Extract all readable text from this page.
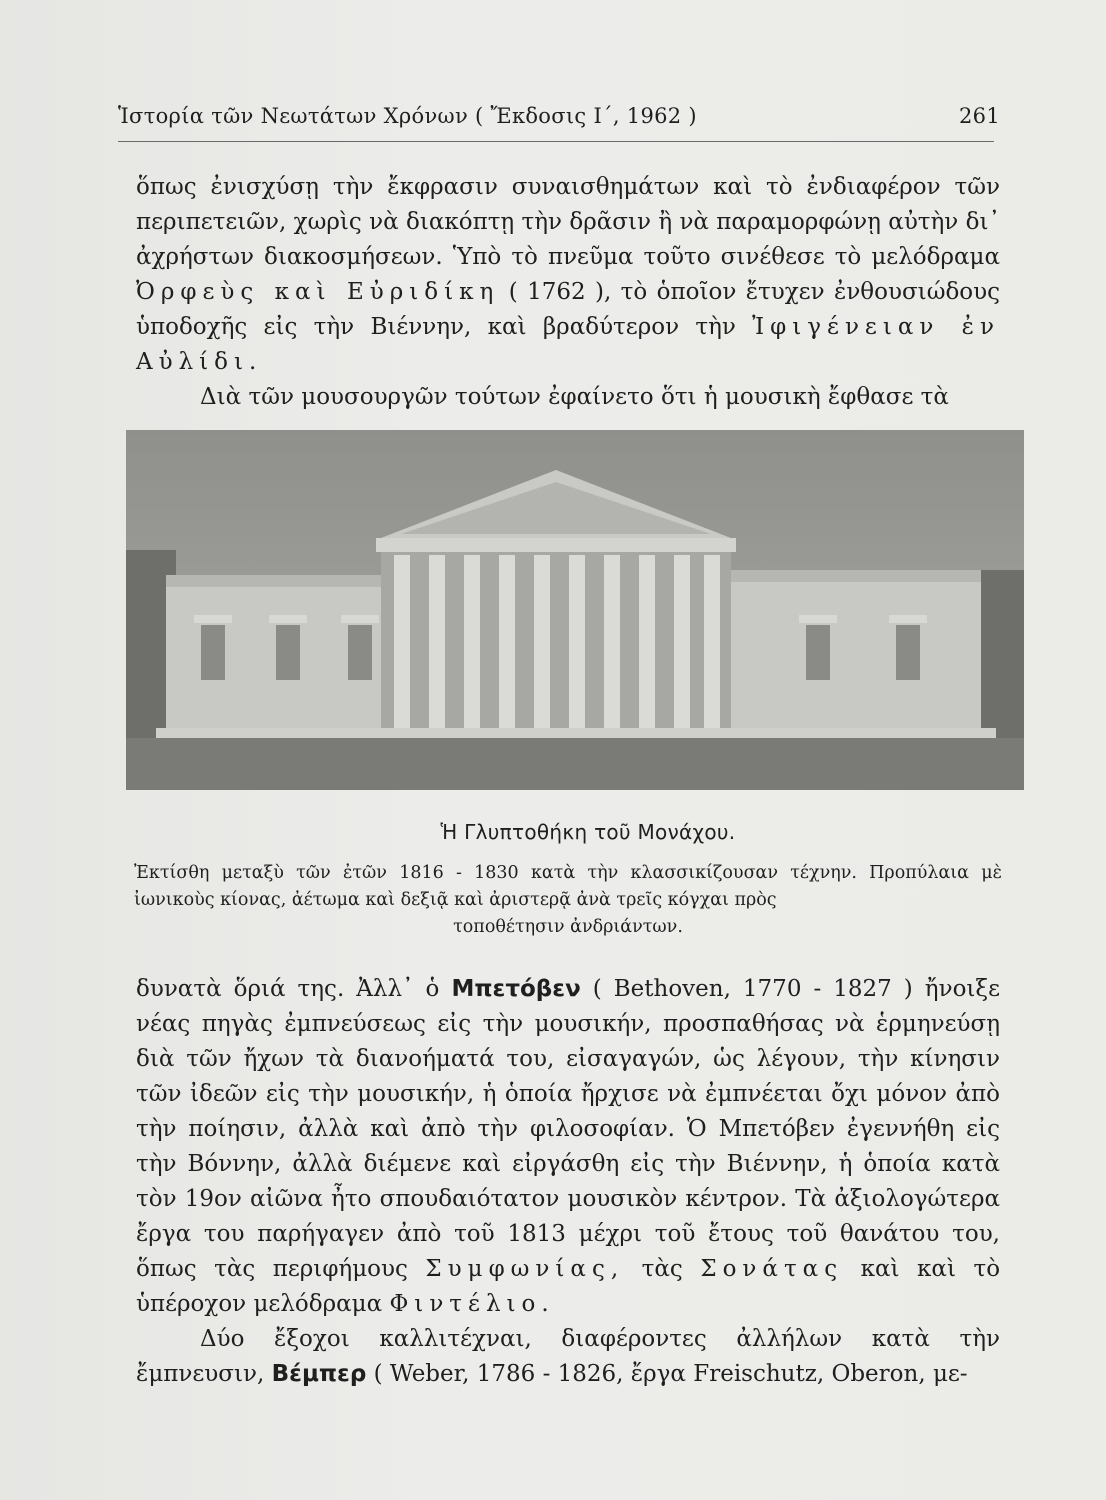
Ἱστορία τῶν Νεωτάτων Χρόνων ( Ἔκδοσις Ι΄, 1962 )	261

ὅπως ἐνισχύσῃ τὴν ἔκφρασιν συναισθημάτων καὶ τὸ ἐνδιαφέρον τῶν περιπετειῶν, χωρὶς νὰ διακόπτῃ τὴν δρᾶσιν ἢ νὰ παραμορφώνῃ αὐτὴν δι᾽ ἀχρήστων διακοσμήσεων. Ὑπὸ τὸ πνεῦμα τοῦτο σινέθεσε τὸ μελόδραμα Ὀρφεὺς καὶ Εὐριδίκη ( 1762 ), τὸ ὁποῖον ἔτυχεν ἐνθουσιώδους ὑποδοχῆς εἰς τὴν Βιέννην, καὶ βραδύτερον τὴν Ἰφιγένειαν ἐν Αὐλίδι.

Διὰ τῶν μουσουργῶν τούτων ἐφαίνετο ὅτι ἡ μουσικὴ ἔφθασε τὰ

Ἡ Γλυπτοθήκη τοῦ Μονάχου.
Ἐκτίσθη μεταξὺ τῶν ἐτῶν 1816 - 1830 κατὰ τὴν κλασσικίζουσαν τέχνην. Προπύλαια μὲ ἰωνικοὺς κίονας, ἀέτωμα καὶ δεξιᾷ καὶ ἀριστερᾷ ἀνὰ τρεῖς κόγχαι πρὸς
τοποθέτησιν ἀνδριάντων.

δυνατὰ ὅριά της. Ἀλλ᾽ ὁ Μπετόβεν ( Bethoven, 1770 - 1827 ) ἤνοιξε νέας πηγὰς ἐμπνεύσεως εἰς τὴν μουσικήν, προσπαθήσας νὰ ἑρμηνεύσῃ διὰ τῶν ἤχων τὰ διανοήματά του, εἰσαγαγών, ὡς λέγουν, τὴν κίνησιν τῶν ἰδεῶν εἰς τὴν μουσικήν, ἡ ὁποία ἤρχισε νὰ ἐμπνέεται ὄχι μόνον ἀπὸ τὴν ποίησιν, ἀλλὰ καὶ ἀπὸ τὴν φιλοσοφίαν. Ὁ Μπετόβεν ἐγεννήθη εἰς τὴν Βόννην, ἀλλὰ διέμενε καὶ εἰργάσθη εἰς τὴν Βιέννην, ἡ ὁποία κατὰ τὸν 19ον αἰῶνα ἦτο σπουδαιότατον μουσικὸν κέντρον. Τὰ ἀξιολογώτερα ἔργα του παρήγαγεν ἀπὸ τοῦ 1813 μέχρι τοῦ ἔτους τοῦ θανάτου του, ὅπως τὰς περιφήμους Συμφωνίας, τὰς Σονάτας καὶ καὶ τὸ ὑπέροχον μελόδραμα Φιντέλιο.

Δύο ἔξοχοι καλλιτέχναι, διαφέροντες ἀλλήλων κατὰ τὴν ἔμπνευσιν, Βέμπερ ( Weber, 1786 - 1826, ἔργα Freischutz, Oberon, με-
